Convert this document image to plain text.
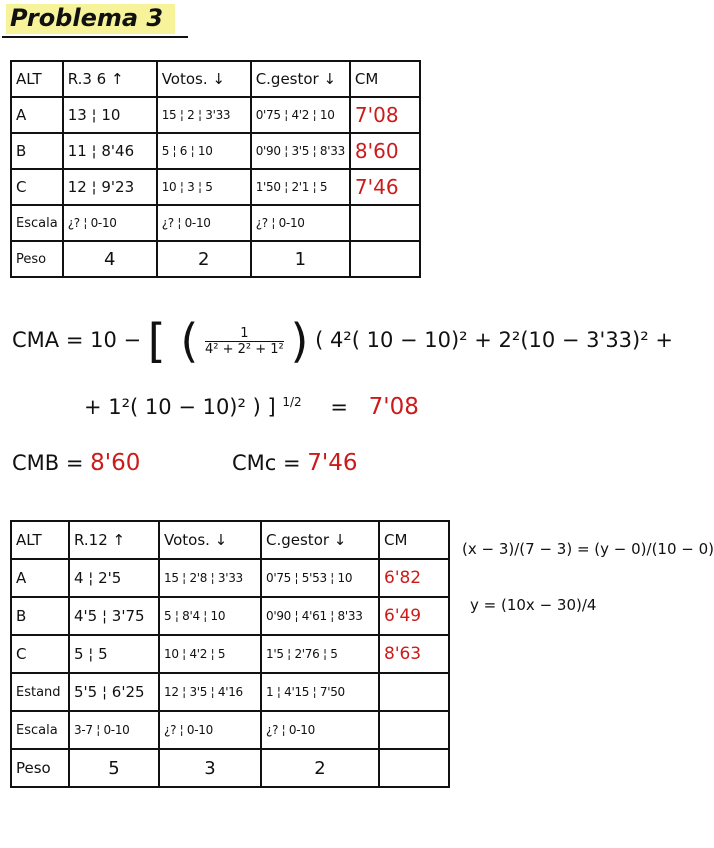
Problema 3
ALT	R.3 6 ↑	Votos. ↓	C.gestor ↓	CM
A	13 ¦ 10	15 ¦ 2 ¦ 3'33	0'75 ¦ 4'2 ¦ 10	7'08
B	11 ¦ 8'46	5 ¦ 6 ¦ 10	0'90 ¦ 3'5 ¦ 8'33	8'60
C	12 ¦ 9'23	10 ¦ 3 ¦ 5	1'50 ¦ 2'1 ¦ 5	7'46
Escala	¿? ¦ 0-10	¿? ¦ 0-10	¿? ¦ 0-10	
Peso	4	2	1	
CMA = 10 − [ ( $\frac{1}{\text{4² + 2² + 1²}}$ ) ( 4²( 10 − 10)² + 2²(10 − 3'33)² +
+ 1²( 10 − 10)² ) ] $^{1/2}$ = 7'08
CMB = 8'60	CMc = 7'46
ALT	R.12 ↑	Votos. ↓	C.gestor ↓	CM
A	4 ¦ 2'5	15 ¦ 2'8 ¦ 3'33	0'75 ¦ 5'53 ¦ 10	6'82
B	4'5 ¦ 3'75	5 ¦ 8'4 ¦ 10	0'90 ¦ 4'61 ¦ 8'33	6'49
C	5 ¦ 5	10 ¦ 4'2 ¦ 5	1'5 ¦ 2'76 ¦ 5	8'63
Estand	5'5 ¦ 6'25	12 ¦ 3'5 ¦ 4'16	1 ¦ 4'15 ¦ 7'50	
Escala	3-7 ¦ 0-10	¿? ¦ 0-10	¿? ¦ 0-10	
Peso	5	3	2	
(x − 3)/(7 − 3) = (y − 0)/(10 − 0)
y = (10x − 30)/4
